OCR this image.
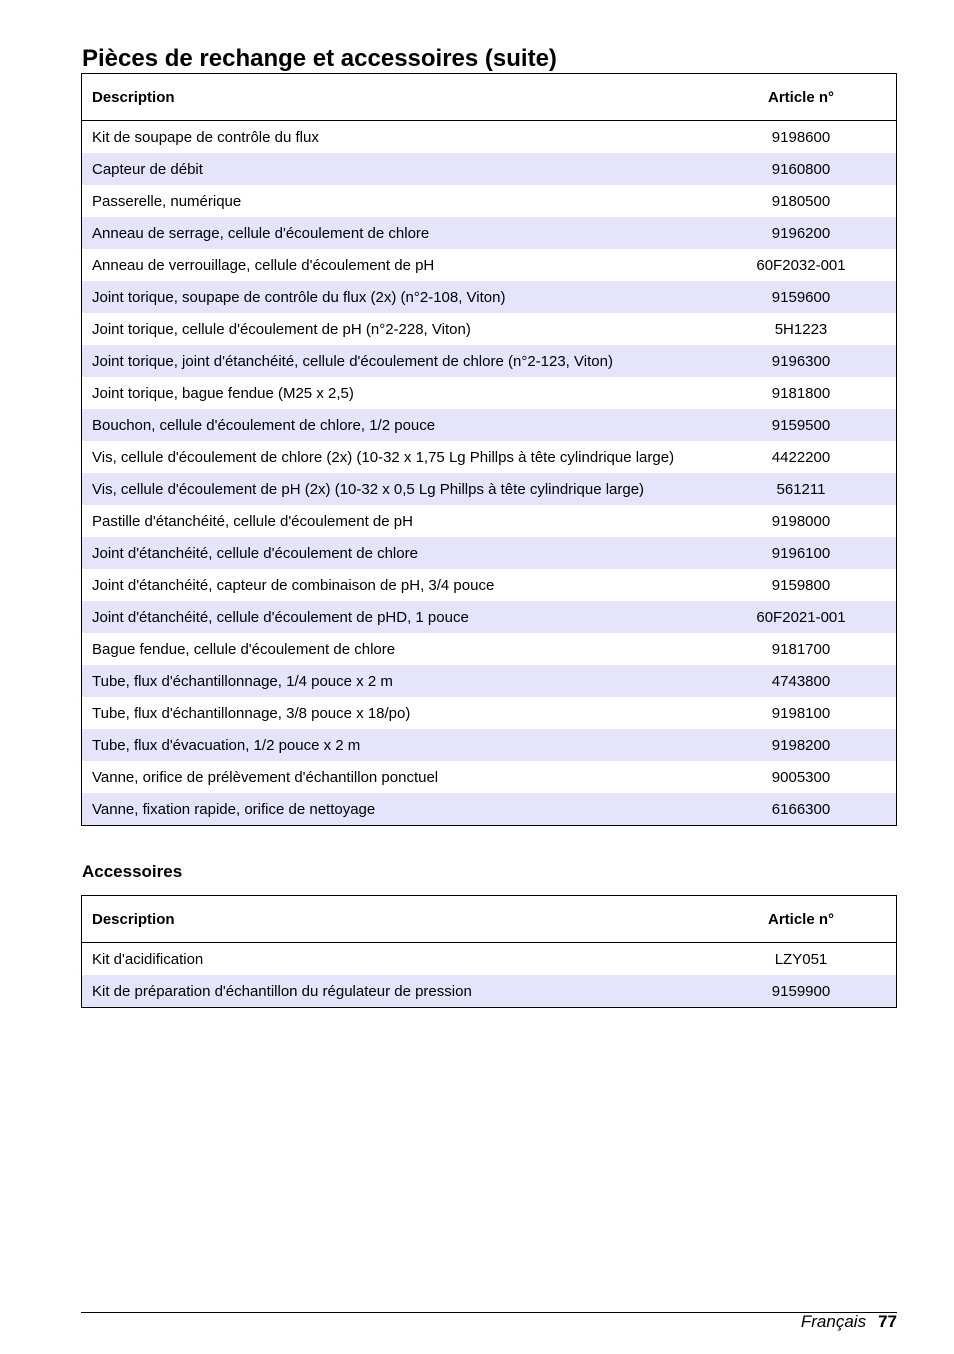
Pièces de rechange et accessoires (suite)
Description	Article n°
Kit de soupape de contrôle du flux	9198600
Capteur de débit	9160800
Passerelle, numérique	9180500
Anneau de serrage, cellule d'écoulement de chlore	9196200
Anneau de verrouillage, cellule d'écoulement de pH	60F2032-001
Joint torique, soupape de contrôle du flux (2x) (n°2-108, Viton)	9159600
Joint torique, cellule d'écoulement de pH (n°2-228, Viton)	5H1223
Joint torique, joint d'étanchéité, cellule d'écoulement de chlore (n°2-123, Viton)	9196300
Joint torique, bague fendue (M25 x 2,5)	9181800
Bouchon, cellule d'écoulement de chlore, 1/2 pouce	9159500
Vis, cellule d'écoulement de chlore (2x) (10-32 x 1,75 Lg Phillps à tête cylindrique large)	4422200
Vis, cellule d'écoulement de pH (2x) (10-32 x 0,5 Lg Phillps à tête cylindrique large)	561211
Pastille d'étanchéité, cellule d'écoulement de pH	9198000
Joint d'étanchéité, cellule d'écoulement de chlore	9196100
Joint d'étanchéité, capteur de combinaison de pH, 3/4 pouce	9159800
Joint d'étanchéité, cellule d'écoulement de pHD, 1 pouce	60F2021-001
Bague fendue, cellule d'écoulement de chlore	9181700
Tube, flux d'échantillonnage, 1/4 pouce x 2 m	4743800
Tube, flux d'échantillonnage, 3/8 pouce x 18/po)	9198100
Tube, flux d'évacuation, 1/2 pouce x 2 m	9198200
Vanne, orifice de prélèvement d'échantillon ponctuel	9005300
Vanne, fixation rapide, orifice de nettoyage	6166300
Accessoires
Description	Article n°
Kit d'acidification	LZY051
Kit de préparation d'échantillon du régulateur de pression	9159900
Français 77
